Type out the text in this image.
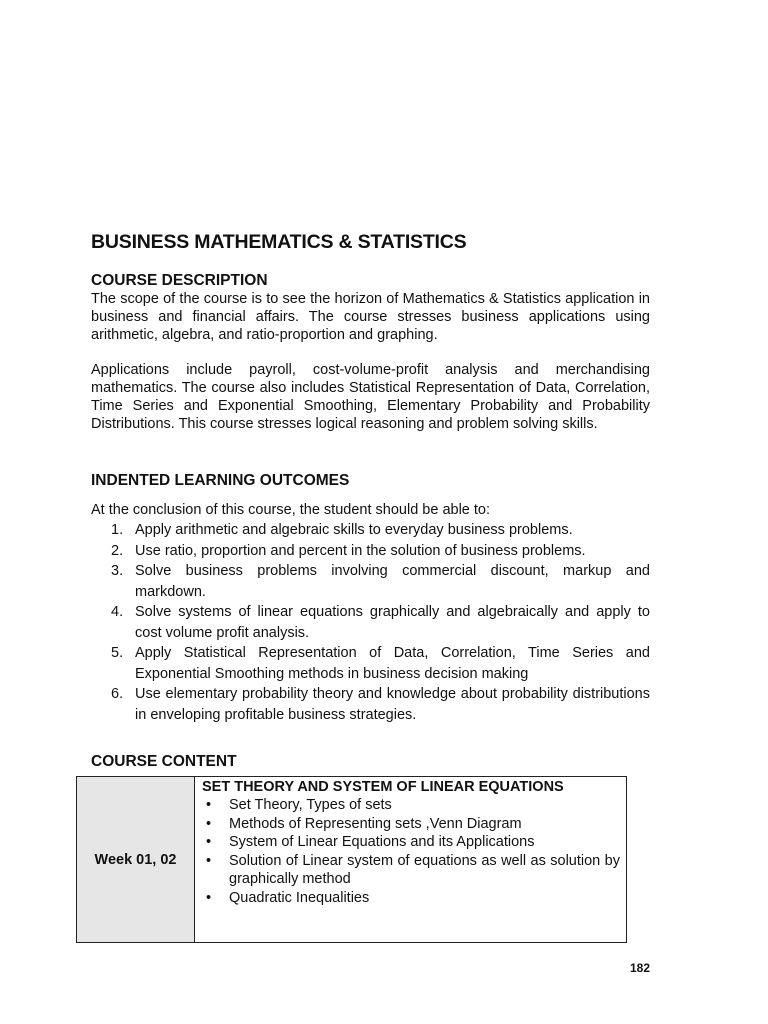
BUSINESS MATHEMATICS & STATISTICS
COURSE DESCRIPTION

The scope of the course is to see the horizon of Mathematics & Statistics application in business and financial affairs. The course stresses business applications using arithmetic, algebra, and ratio-proportion and graphing.

Applications include payroll, cost-volume-profit analysis and merchandising mathematics. The course also includes Statistical Representation of Data, Correlation, Time Series and Exponential Smoothing, Elementary Probability and Probability Distributions. This course stresses logical reasoning and problem solving skills.

INDENTED LEARNING OUTCOMES
At the conclusion of this course, the student should be able to:
1. Apply arithmetic and algebraic skills to everyday business problems.
2. Use ratio, proportion and percent in the solution of business problems.
3. Solve business problems involving commercial discount, markup and markdown.
4. Solve systems of linear equations graphically and algebraically and apply to cost volume profit analysis.
5. Apply Statistical Representation of Data, Correlation, Time Series and Exponential Smoothing methods in business decision making
6. Use elementary probability theory and knowledge about probability distributions in enveloping profitable business strategies.
COURSE CONTENT
Week 01, 02	
SET THEORY AND SYSTEM OF LINEAR EQUATIONS
• Set Theory, Types of sets
• Methods of Representing sets ,Venn Diagram
• System of Linear Equations and its Applications
• Solution of Linear system of equations as well as solution by graphically method
• Quadratic Inequalities
182
